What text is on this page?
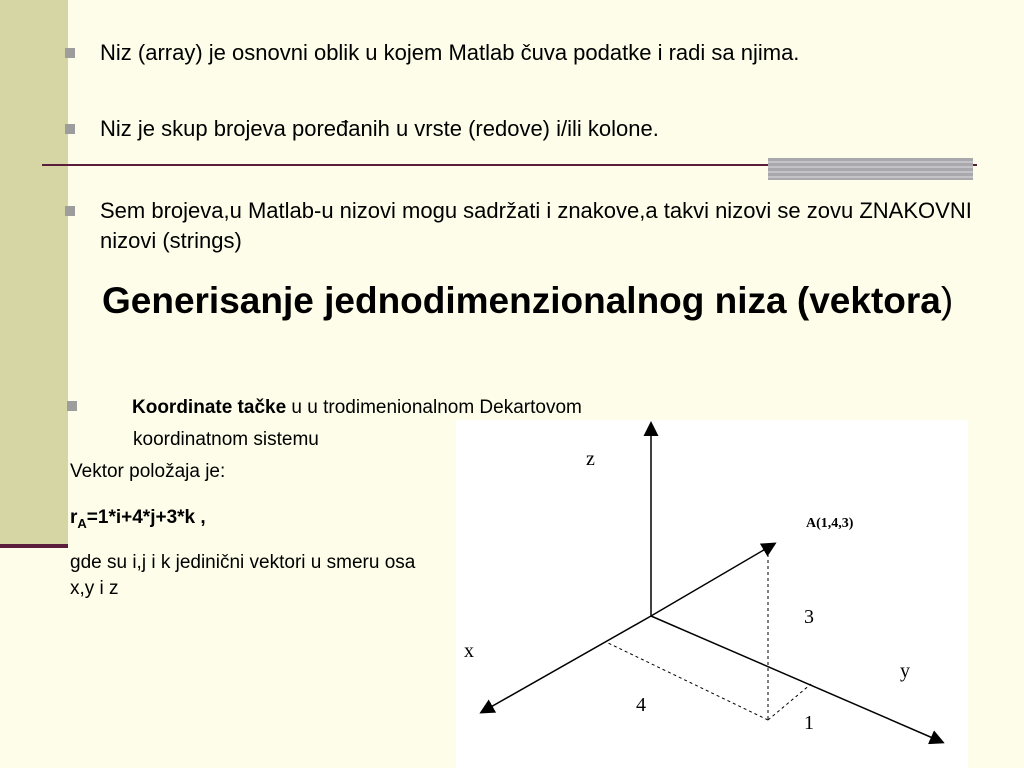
Niz (array) je osnovni oblik u kojem Matlab čuva podatke i radi sa njima.
Niz je skup brojeva poređanih u vrste (redove) i/ili kolone.
Sem brojeva,u Matlab-u nizovi mogu sadržati i znakove,a takvi nizovi se zovu ZNAKOVNI nizovi (strings)
Generisanje jednodimenzionalnog niza (vektora)
Koordinate tačke u u trodimenionalnom Dekartovom
koordinatnom sistemu
Vektor položaja je:
$r_A=1*i+4*j+3*k$ ,
gde su i,j i k jedinični vektori u smeru osa x,y i z
z
x
y
A(1,4,3)
3
4
1
